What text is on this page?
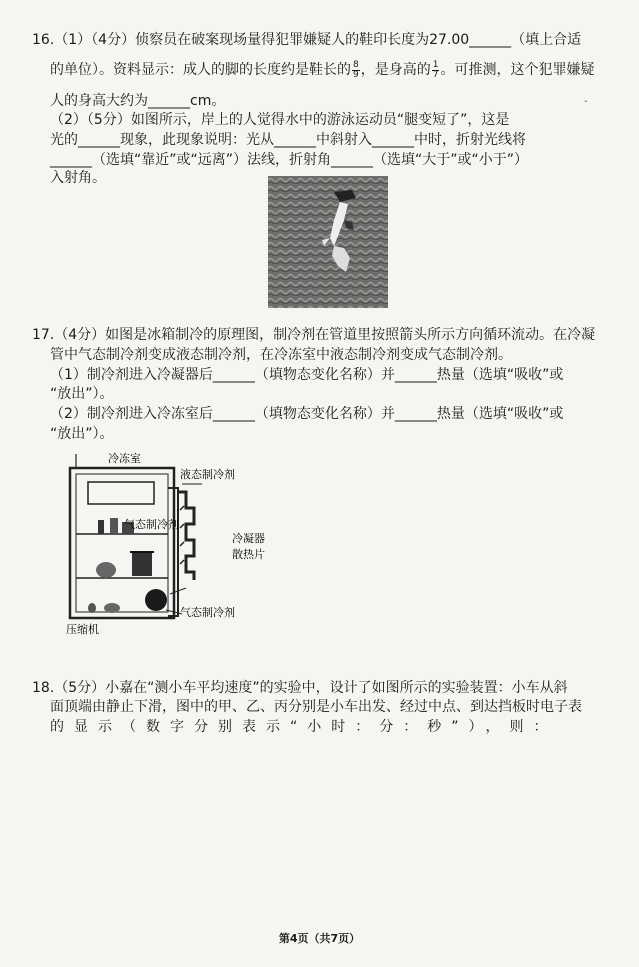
16.（1）（4分）侦察员在破案现场量得犯罪嫌疑人的鞋印长度为27.00______（填上合适
的单位）。资料显示：成人的脚的长度约是鞋长的 $\frac{8}{9}$ ，是身高的 $\frac{1}{7}$ 。可推测，这个犯罪嫌疑
人的身高大约为______cm。
（2）（5分）如图所示，岸上的人觉得水中的游泳运动员“腿变短了”，这是
光的______现象，此现象说明：光从______中斜射入______中时，折射光线将
______（选填“靠近”或“远离”）法线，折射角______（选填“大于”或“小于”）
入射角。
-
17.（4分）如图是冰箱制冷的原理图，制冷剂在管道里按照箭头所示方向循环流动。在冷凝
管中气态制冷剂变成液态制冷剂，在冷冻室中液态制冷剂变成气态制冷剂。
（1）制冷剂进入冷凝器后______（填物态变化名称）并______热量（选填“吸收”或
“放出”）。
（2）制冷剂进入冷冻室后______（填物态变化名称）并______热量（选填“吸收”或
“放出”）。
冷冻室
液态制冷剂
气态制冷剂
冷凝器
散热片
压缩机
气态制冷剂
18.（5分）小嘉在“测小车平均速度”的实验中，设计了如图所示的实验装置：小车从斜
面顶端由静止下滑，图中的甲、乙、丙分别是小车出发、经过中点、到达挡板时电子表
的显示（数字分别表示“小时：分：秒”），则：
第4页（共7页）
